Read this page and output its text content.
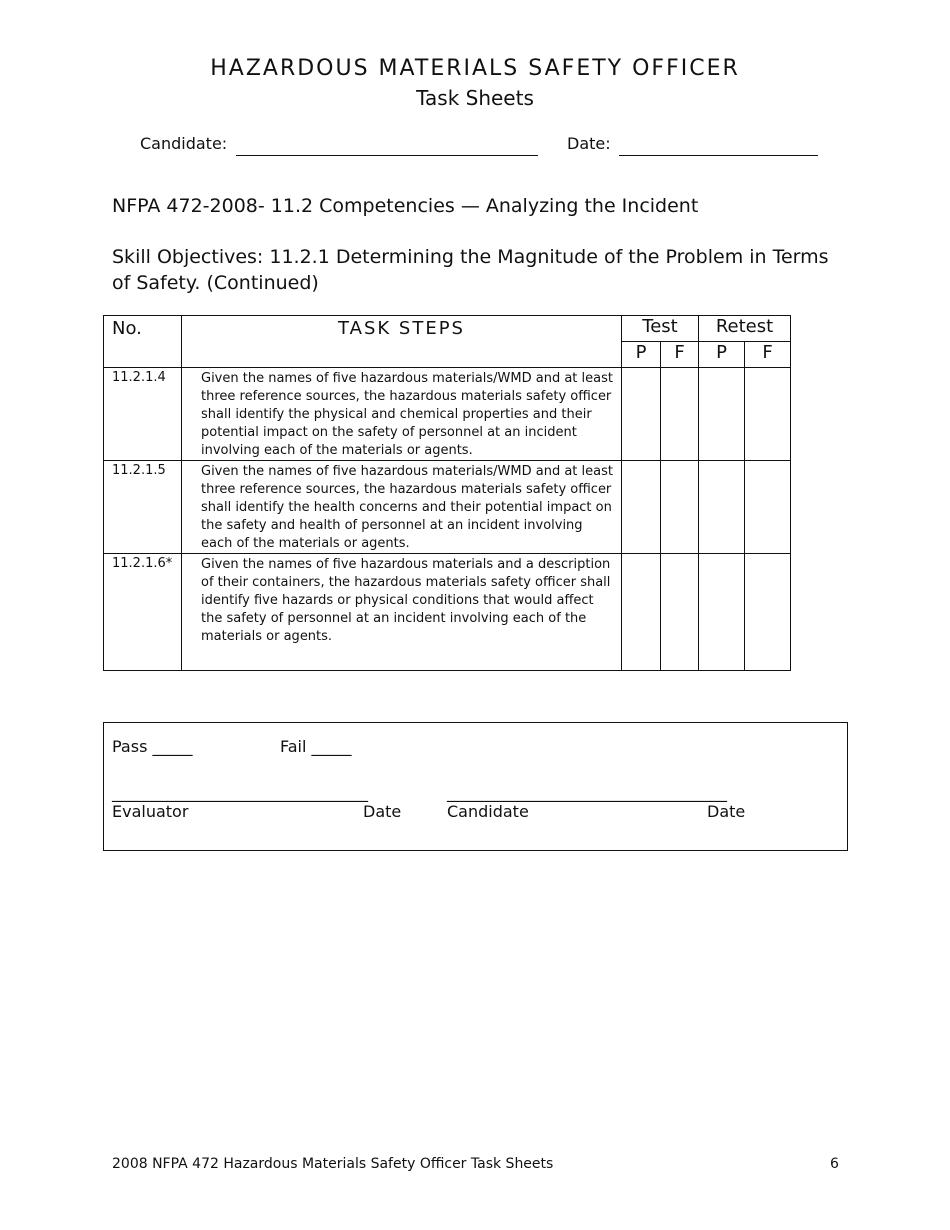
HAZARDOUS MATERIALS SAFETY OFFICER
Task Sheets
Candidate:	Date:
NFPA 472-2008- 11.2 Competencies — Analyzing the Incident
Skill Objectives: 11.2.1 Determining the Magnitude of the Problem in Terms of Safety. (Continued)
No.	TASK STEPS	Test		Retest	
		P	F	P	F
11.2.1.4	Given the names of five hazardous materials/WMD and at least three reference sources, the hazardous materials safety officer shall identify the physical and chemical properties and their potential impact on the safety of personnel at an incident involving each of the materials or agents.				
11.2.1.5	Given the names of five hazardous materials/WMD and at least three reference sources, the hazardous materials safety officer shall identify the health concerns and their potential impact on the safety and health of personnel at an incident involving each of the materials or agents.				
11.2.1.6*	Given the names of five hazardous materials and a description of their containers, the hazardous materials safety officer shall identify five hazards or physical conditions that would affect the safety of personnel at an incident involving each of the materials or agents.				
Pass _____	Fail _____
________________________________	___________________________________
Evaluator	Date	Candidate	Date
2008 NFPA 472 Hazardous Materials Safety Officer Task Sheets	6
